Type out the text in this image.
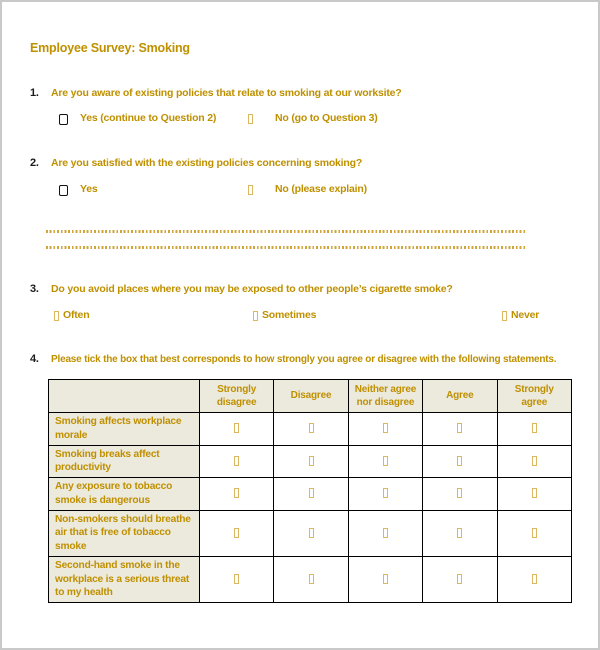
Employee Survey: Smoking
1. Are you aware of existing policies that relate to smoking at our worksite?
Yes (continue to Question 2)	No (go to Question 3)
2. Are you satisfied with the existing policies concerning smoking?
Yes	No (please explain)
3. Do you avoid places where you may be exposed to other people’s cigarette smoke?
Often	Sometimes	Never
4. Please tick the box that best corresponds to how strongly you agree or disagree with the following statements.
	Strongly disagree	Disagree	Neither agree nor disagree	Agree	Strongly agree
Smoking affects workplace morale					
Smoking breaks affect productivity					
Any exposure to tobacco smoke is dangerous					
Non-smokers should breathe air that is free of tobacco smoke					
Second-hand smoke in the workplace is a serious threat to my health					
